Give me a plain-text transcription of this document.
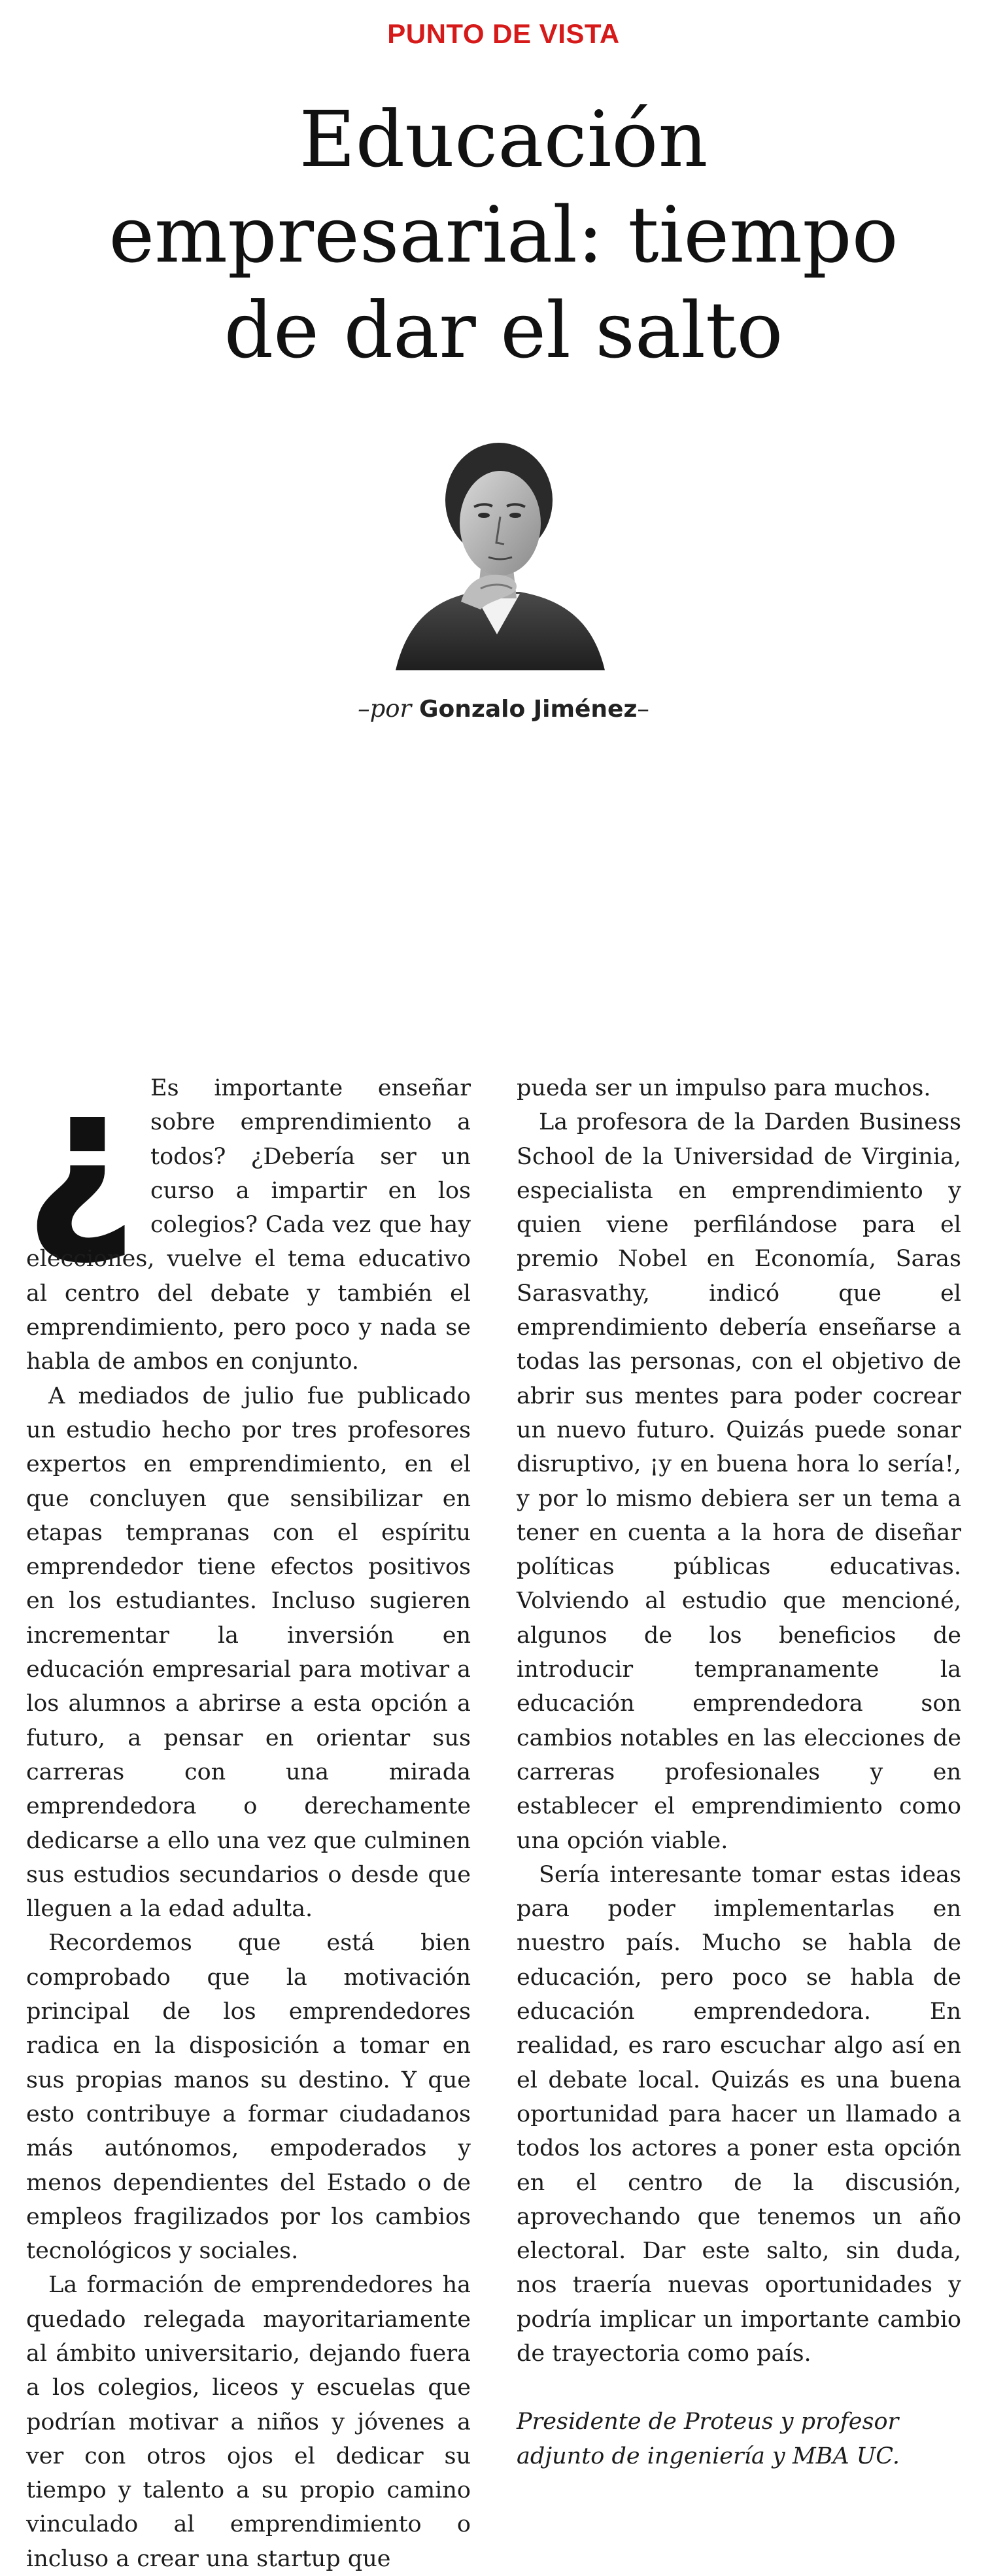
PUNTO DE VISTA
Educación
empresarial: tiempo
de dar el salto
–por Gonzalo Jiménez–

¿ Es importante enseñar sobre emprendimiento a todos? ¿Debería ser un curso a impartir en los colegios? Cada vez que hay elecciones, vuelve el tema educativo al centro del debate y también el emprendimiento, pero poco y nada se habla de ambos en conjunto.

A mediados de julio fue publicado un estudio hecho por tres profesores expertos en emprendimiento, en el que concluyen que sensibilizar en etapas tempranas con el espíritu emprendedor tiene efectos positivos en los estudiantes. Incluso sugieren incrementar la inversión en educación empresarial para motivar a los alumnos a abrirse a esta opción a futuro, a pensar en orientar sus carreras con una mirada emprendedora o derechamente dedicarse a ello una vez que culminen sus estudios secundarios o desde que lleguen a la edad adulta.

Recordemos que está bien comprobado que la motivación principal de los emprendedores radica en la disposición a tomar en sus propias manos su destino. Y que esto contribuye a formar ciudadanos más autónomos, empoderados y menos dependientes del Estado o de empleos fragilizados por los cambios tecnológicos y sociales.

La formación de emprendedores ha quedado relegada mayoritariamente al ámbito universitario, dejando fuera a los colegios, liceos y escuelas que podrían motivar a niños y jóvenes a ver con otros ojos el dedicar su tiempo y talento a su propio camino vinculado al emprendimiento o incluso a crear una startup que

pueda ser un impulso para muchos.

La profesora de la Darden Business School de la Universidad de Virginia, especialista en emprendimiento y quien viene perfilándose para el premio Nobel en Economía, Saras Sarasvathy, indicó que el emprendimiento debería enseñarse a todas las personas, con el objetivo de abrir sus mentes para poder cocrear un nuevo futuro. Quizás puede sonar disruptivo, ¡y en buena hora lo sería!, y por lo mismo debiera ser un tema a tener en cuenta a la hora de diseñar políticas públicas educativas. Volviendo al estudio que mencioné, algunos de los beneficios de introducir tempranamente la educación emprendedora son cambios notables en las elecciones de carreras profesionales y en establecer el emprendimiento como una opción viable.

Sería interesante tomar estas ideas para poder implementarlas en nuestro país. Mucho se habla de educación, pero poco se habla de educación emprendedora. En realidad, es raro escuchar algo así en el debate local. Quizás es una buena oportunidad para hacer un llamado a todos los actores a poner esta opción en el centro de la discusión, aprovechando que tenemos un año electoral. Dar este salto, sin duda, nos traería nuevas oportunidades y podría implicar un importante cambio de trayectoria como país.

Presidente de Proteus y profesor adjunto de ingeniería y MBA UC.
